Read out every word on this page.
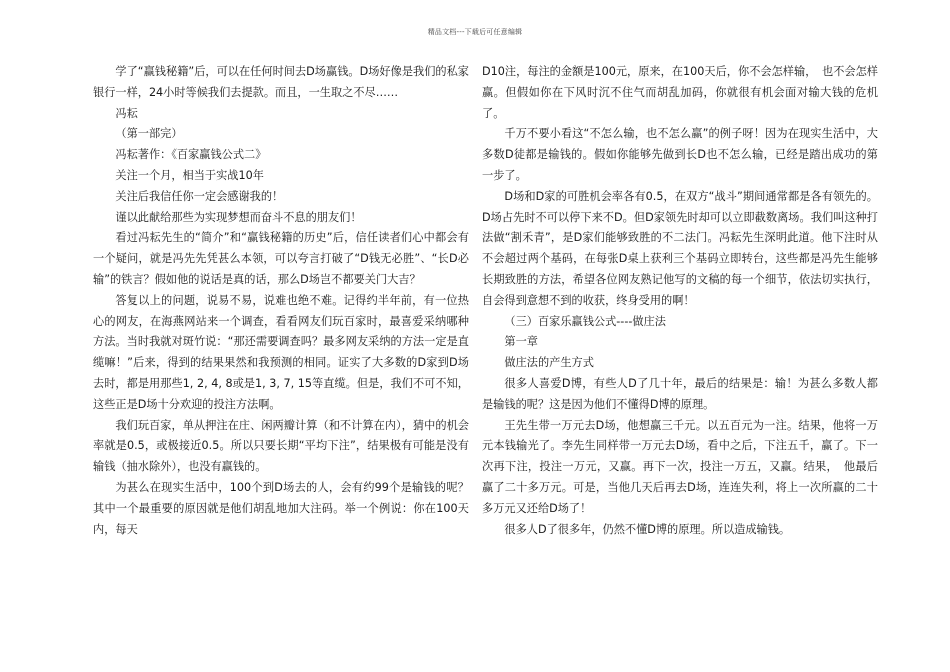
精品文档---下载后可任意编辑

学了“赢钱秘籍”后，可以在任何时间去D场赢钱。D场好像是我们的私家银行一样，24小时等候我们去提款。而且，一生取之不尽……

冯耘

（第一部完）

冯耘著作：《百家赢钱公式二》

关注一个月，相当于实战10年

关注后我信任你一定会感谢我的！

谨以此献给那些为实现梦想而奋斗不息的朋友们！

看过冯耘先生的“简介”和“赢钱秘籍的历史”后，信任读者们心中都会有一个疑问，就是冯先先凭甚么本领，可以夸言打破了“D钱无必胜”、“长D必输”的铁言？假如他的说话是真的话，那么D场岂不都要关门大吉？

答复以上的问题，说易不易，说难也绝不难。记得约半年前，有一位热心的网友，在海燕网站来一个调查，看看网友们玩百家时，最喜爱采纳哪种方法。当时我就对斑竹说：“那还需要调查吗？最多网友采纳的方法一定是直缆嘛！”后来，得到的结果果然和我预测的相同。证实了大多数的D家到D场去时，都是用那些1, 2, 4, 8或是1, 3, 7, 15等直缆。但是，我们不可不知，这些正是D场十分欢迎的投注方法啊。

我们玩百家，单从押注在庄、闲两瓣计算（和不计算在内），猜中的机会率就是0.5，或极接近0.5。所以只要长期“平均下注”，结果极有可能是没有输钱（抽水除外），也没有赢钱的。

为甚么在现实生活中，100个到D场去的人，会有约99个是输钱的呢？其中一个最重要的原因就是他们胡乱地加大注码。举一个例说：你在100天内，每天

D10注，每注的金额是100元，原来，在100天后，你不会怎样输，　也不会怎样赢。但假如你在下风时沉不住气而胡乱加码，你就很有机会面对输大钱的危机了。

千万不要小看这“不怎么输，也不怎么赢”的例子呀！因为在现实生活中，大多数D徒都是输钱的。假如你能够先做到长D也不怎么输，已经是踏出成功的第一步了。

D场和D家的可胜机会率各有0.5，在双方“战斗”期间通常都是各有领先的。D场占先时不可以停下来不D。但D家领先时却可以立即截数离场。我们叫这种打法做“割禾青”，是D家们能够致胜的不二法门。冯耘先生深明此道。他下注时从不会超过两个基码，在每张D桌上获利三个基码立即转台，这些都是冯先生能够长期致胜的方法，希望各位网友熟记他写的文稿的每一个细节，依法切实执行，自会得到意想不到的收获，终身受用的啊！

（三）百家乐赢钱公式----做庄法

第一章

做庄法的产生方式

很多人喜爱D博，有些人D了几十年，最后的结果是：输！为甚么多数人都是输钱的呢？这是因为他们不懂得D博的原理。

王先生带一万元去D场，他想赢三千元。以五百元为一注。结果，他将一万元本钱输光了。李先生同样带一万元去D场，看中之后，下注五千，赢了。下一次再下注，投注一万元，又赢。再下一次，投注一万五，又赢。结果，　他最后赢了二十多万元。可是，当他几天后再去D场，连连失利，将上一次所赢的二十多万元又还给D场了！

很多人D了很多年，仍然不懂D博的原理。所以造成输钱。
